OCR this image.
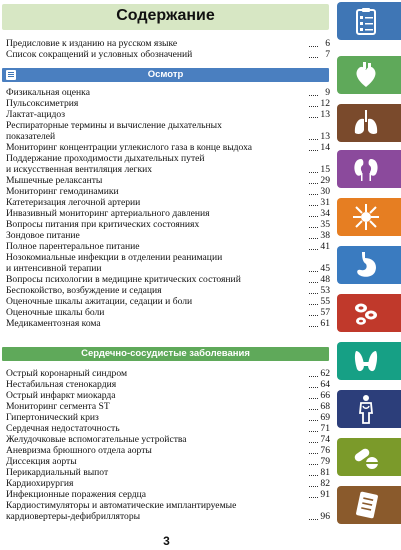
Содержание
Предисловие к изданию на русском языке	6
Список сокращений и условных обозначений	7
Осмотр
Физикальная оценка	9
Пульсоксиметрия	12
Лактат-ацидоз	13
Респираторные термины и вычисление дыхательных
показателей	13
Мониторинг концентрации углекислого газа в конце выдоха	14
Поддержание проходимости дыхательных путей
и искусственная вентиляция легких	15
Мышечные релаксанты	29
Мониторинг гемодинамики	30
Катетеризация легочной артерии	31
Инвазивный мониторинг артериального давления	34
Вопросы питания при критических состояниях	35
Зондовое питание	38
Полное парентеральное питание	41
Нозокомиальные инфекции в отделении реанимации
и интенсивной терапии	45
Вопросы психологии в медицине критических состояний	48
Беспокойство, возбуждение и седация	53
Оценочные шкалы ажитации, седации и боли	55
Оценочные шкалы боли	57
Медикаментозная кома	61
Сердечно-сосудистые заболевания
Острый коронарный синдром	62
Нестабильная стенокардия	64
Острый инфаркт миокарда	66
Мониторинг сегмента ST	68
Гипертонический криз	69
Сердечная недостаточность	71
Желудочковые вспомогательные устройства	74
Аневризма брюшного отдела аорты	76
Диссекция аорты	79
Перикардиальный выпот	81
Кардиохирургия	82
Инфекционные поражения сердца	91
Кардиостимуляторы и автоматические имплантируемые
кардиовертеры-дефибрилляторы	96
3
